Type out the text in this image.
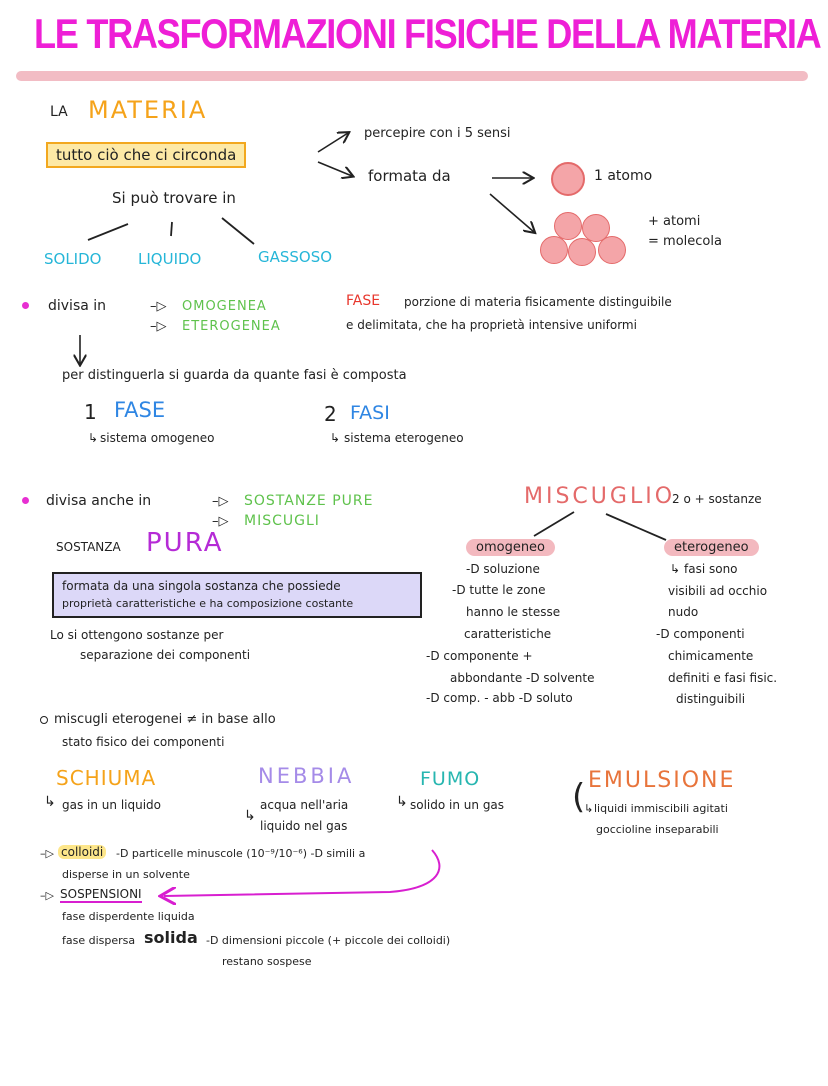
LE TRASFORMAZIONI FISICHE DELLA MATERIA
LA MATERIA
tutto ciò che ci circonda
percepire con i 5 sensi
formata da	1 atomo
+ atomi
= molecola
Si può trovare in
SOLIDO LIQUIDO	GASSOSO
divisa in	–▷ OMOGENEA
–▷ ETEROGENEA
FASE porzione di materia fisicamente distinguibile
e delimitata, che ha proprietà intensive uniformi
per distinguerla si guarda da quante fasi è composta
1 FASE
↳ sistema omogeneo
2 FASI
↳ sistema eterogeneo
divisa anche in	–▷ SOSTANZE PURE
–▷ MISCUGLI
SOSTANZA PURA
formata da una singola sostanza che possiede
proprietà caratteristiche e ha composizione costante
Lo si ottengono sostanze per
separazione dei componenti
MISCUGLIO
2 o + sostanze
omogeneo	eterogeneo
-D soluzione
-D tutte le zone
hanno le stesse
caratteristiche
-D componente +
abbondante -D solvente
-D comp. - abb -D soluto
↳ fasi sono
visibili ad occhio
nudo
-D componenti
chimicamente
definiti e fasi fisic.
distinguibili
miscugli eterogenei ≠ in base allo
stato fisico dei componenti
SCHIUMA
↳ gas in un liquido
NEBBIA
acqua nell'aria
↳
liquido nel gas
FUMO
↳ solido in un gas ( EMULSIONE
↳ liquidi immiscibili agitati
goccioline inseparabili
–▷ colloidi -D particelle minuscole (10⁻⁹/10⁻⁶) -D simili a
disperse in un solvente
–▷ SOSPENSIONI
fase disperdente liquida
fase dispersa solida -D dimensioni piccole (+ piccole dei colloidi)
restano sospese
